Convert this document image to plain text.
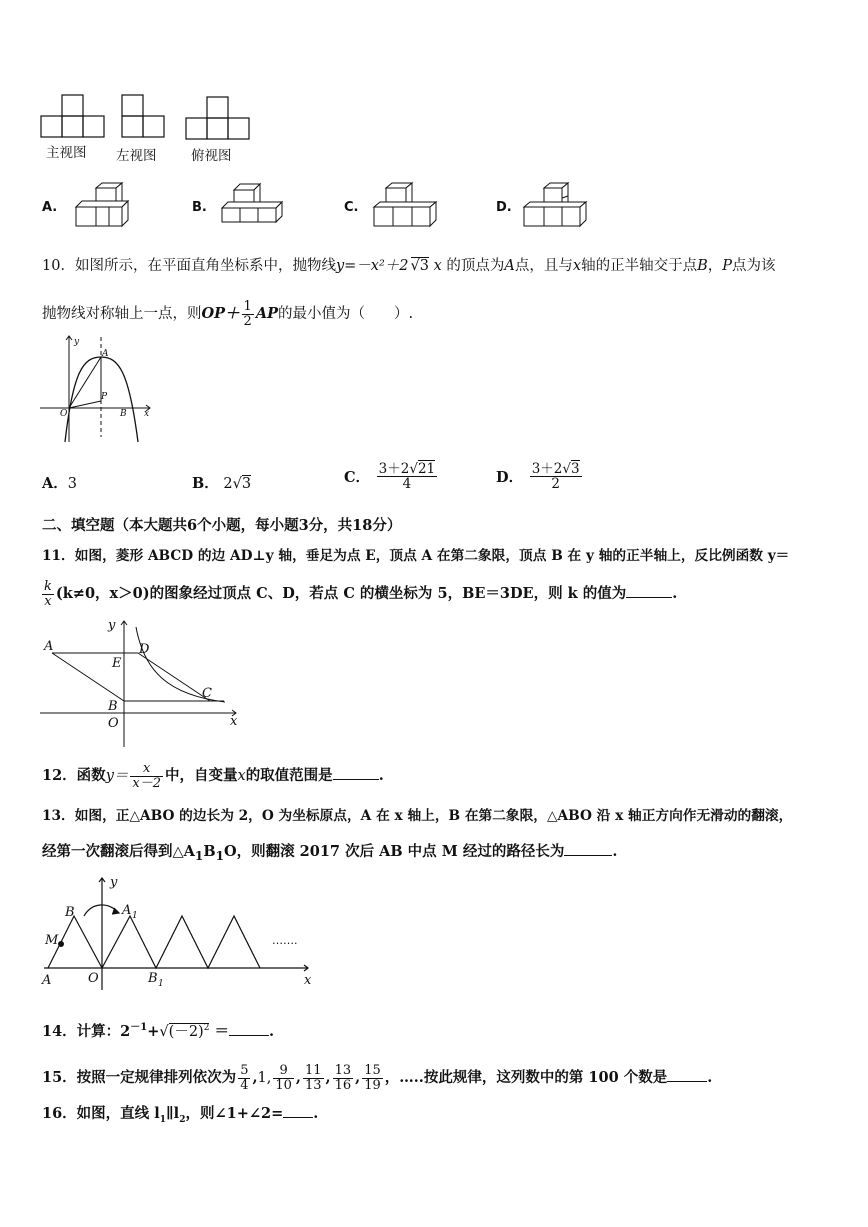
主视图 左视图	俯视图
A.	B.	C.	D.
10．如图所示，在平面直角坐标系中，抛物线y=－x²＋2 √3 x 的顶点为A点，且与x轴的正半轴交于点B，P点为该
抛物线对称轴上一点，则$OP+ \frac{1}{2}$ AP的最小值为（　　）.
y
A
P
O	B x
A．3	B． 2√3	C． $\frac{3+2√21}{4}$	D． $\frac{3+2√3}{2}$
二、填空题（本大题共6个小题，每小题3分，共18分）
11．如图，菱形 ABCD 的边 AD⊥y 轴，垂足为点 E，顶点 A 在第二象限，顶点 B 在 y 轴的正半轴上，反比例函数 y＝
$\frac{k}{x} (k\ne 0$，x＞0)的图象经过顶点 C、D，若点 C 的横坐标为 5，BE＝3DE，则 k 的值为	.
A
y
D
E
C
B
O	x
12．函数$y= \frac{x}{x-2}$ 中，自变量x的取值范围是	.
13．如图，正△ABO 的边长为 2，O 为坐标原点，A 在 x 轴上，B 在第二象限，△ABO 沿 x 轴正方向作无滑动的翻滚，
经第一次翻滚后得到$\triangle A_1B_1O$，则翻滚 2017 次后 AB 中点 M 经过的路径长为	.
y
B	A 1
M
A	O	B 1	x
…….
14．计算：$2^{-1}+√(-2)^2$ ＝	.
15．按照一定规律排列依次为 $\frac{5}{4} ,1$, $\frac{9}{10}$ , $\frac{11}{13}$ , $\frac{13}{16}$ , $\frac{15}{19}$ ，…..按此规律，这列数中的第 100 个数是	.
16．如图，直线 $l_1\parallel l_2$，则∠1+∠2= .
